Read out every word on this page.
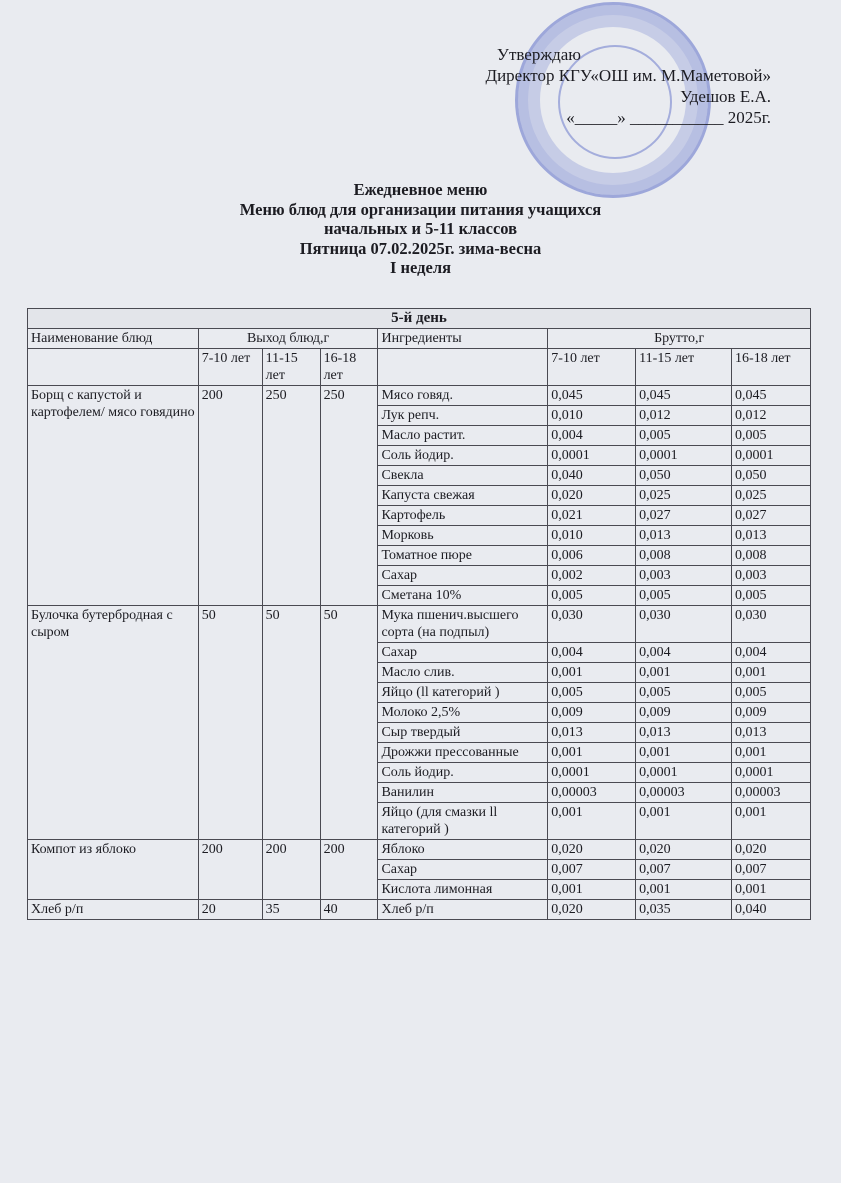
Утверждаю
Директор КГУ«ОШ им. М.Маметовой»
Удешов Е.А.
«_____» ___________ 2025г.
Ежедневное меню
Меню блюд для организации питания учащихся
начальных и 5-11 классов
Пятница 07.02.2025г. зима-весна
I неделя
5-й день							
Наименование блюд	Выход блюд,г			Ингредиенты	Брутто,г		
	7-10 лет	11-15 лет	16-18 лет		7-10 лет	11-15 лет	16-18 лет
Борщ с капустой и картофелем/ мясо говядино	200	250	250	Мясо говяд.	0,045	0,045	0,045
				Лук репч.	0,010	0,012	0,012
				Масло растит.	0,004	0,005	0,005
				Соль йодир.	0,0001	0,0001	0,0001
				Свекла	0,040	0,050	0,050
				Капуста свежая	0,020	0,025	0,025
				Картофель	0,021	0,027	0,027
				Морковь	0,010	0,013	0,013
				Томатное пюре	0,006	0,008	0,008
				Сахар	0,002	0,003	0,003
				Сметана 10%	0,005	0,005	0,005
Булочка бутербродная с сыром	50	50	50	Мука пшенич.высшего сорта (на подпыл)	0,030	0,030	0,030
				Сахар	0,004	0,004	0,004
				Масло слив.	0,001	0,001	0,001
				Яйцо (ll категорий )	0,005	0,005	0,005
				Молоко 2,5%	0,009	0,009	0,009
				Сыр твердый	0,013	0,013	0,013
				Дрожжи прессованные	0,001	0,001	0,001
				Соль йодир.	0,0001	0,0001	0,0001
				Ванилин	0,00003	0,00003	0,00003
				Яйцо (для смазки ll категорий )	0,001	0,001	0,001
Компот из яблоко	200	200	200	Яблоко	0,020	0,020	0,020
				Сахар	0,007	0,007	0,007
				Кислота лимонная	0,001	0,001	0,001
Хлеб р/п	20	35	40	Хлеб р/п	0,020	0,035	0,040
